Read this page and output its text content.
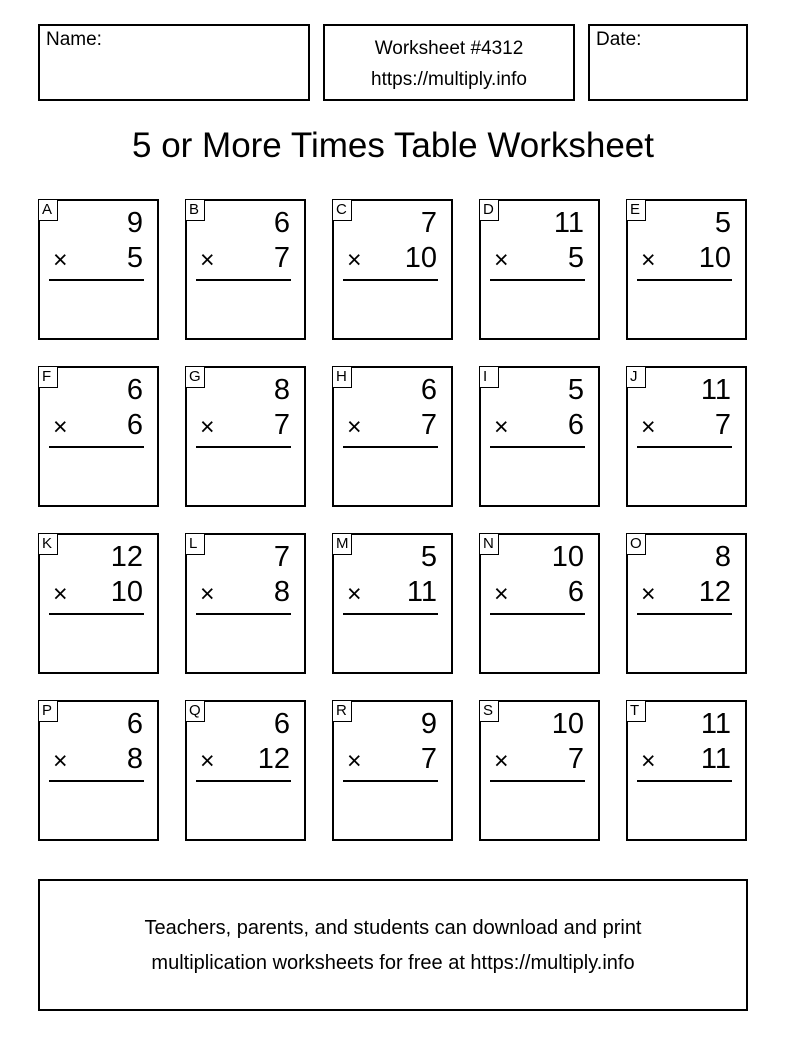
Name:	Worksheet #4312
https://multiply.info
Date:
5 or More Times Table Worksheet
A	9
× 5
B	6
× 7
C	7
× 10
D 11
× 5
E	5
× 10
F	6
× 6
G	8
× 7
H	6
× 7
I	5
× 6
J 11
× 7
K 12
× 10
L	7
× 8
M 5
× 11
N 10
× 6
O	8
× 12
P	6
× 8
Q	6
× 12
R	9
× 7
S 10
× 7
T 11
× 11
Teachers, parents, and students can download and print
multiplication worksheets for free at https://multiply.info
